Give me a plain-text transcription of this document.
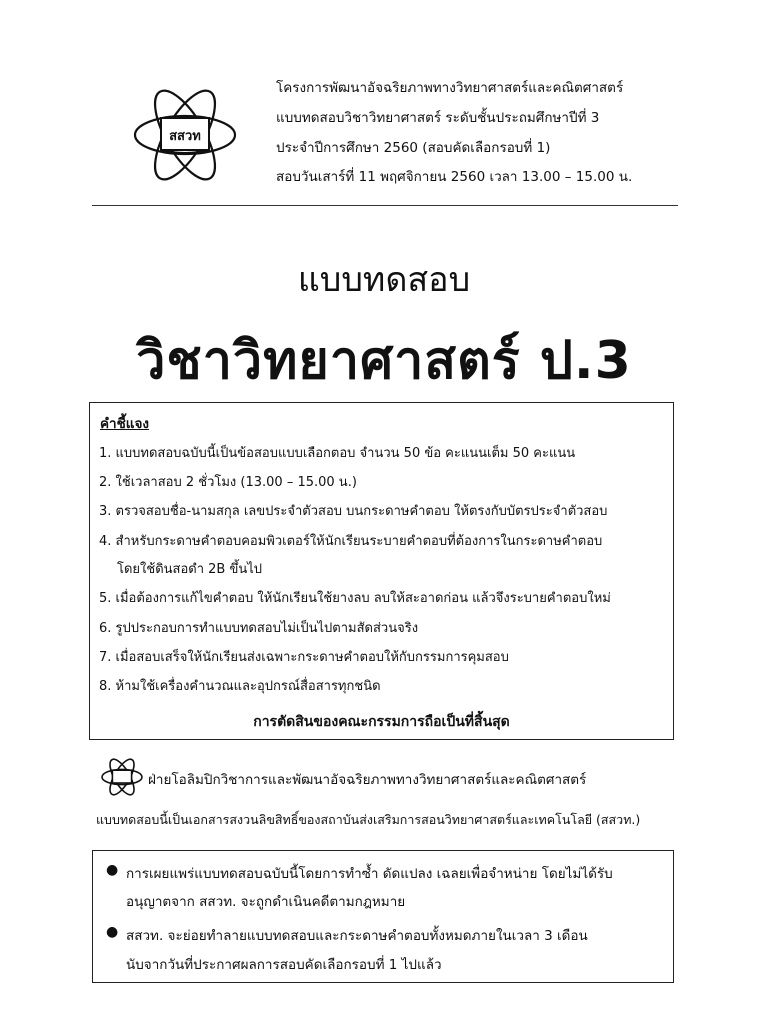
สสวท
โครงการพัฒนาอัจฉริยภาพทางวิทยาศาสตร์และคณิตศาสตร์
แบบทดสอบวิชาวิทยาศาสตร์ ระดับชั้นประถมศึกษาปีที่ 3
ประจำปีการศึกษา 2560 (สอบคัดเลือกรอบที่ 1)
สอบวันเสาร์ที่ 11 พฤศจิกายน 2560 เวลา 13.00 – 15.00 น.
แบบทดสอบ
วิชาวิทยาศาสตร์ ป.3
คำชี้แจง
1. แบบทดสอบฉบับนี้เป็นข้อสอบแบบเลือกตอบ จำนวน 50 ข้อ คะแนนเต็ม 50 คะแนน
2. ใช้เวลาสอบ 2 ชั่วโมง (13.00 – 15.00 น.)
3. ตรวจสอบชื่อ-นามสกุล เลขประจำตัวสอบ บนกระดาษคำตอบ ให้ตรงกับบัตรประจำตัวสอบ
4. สำหรับกระดาษคำตอบคอมพิวเตอร์ให้นักเรียนระบายคำตอบที่ต้องการในกระดาษคำตอบ
โดยใช้ดินสอดำ 2B ขึ้นไป
5. เมื่อต้องการแก้ไขคำตอบ ให้นักเรียนใช้ยางลบ ลบให้สะอาดก่อน แล้วจึงระบายคำตอบใหม่
6. รูปประกอบการทำแบบทดสอบไม่เป็นไปตามสัดส่วนจริง
7. เมื่อสอบเสร็จให้นักเรียนส่งเฉพาะกระดาษคำตอบให้กับกรรมการคุมสอบ
8. ห้ามใช้เครื่องคำนวณและอุปกรณ์สื่อสารทุกชนิด
การตัดสินของคณะกรรมการถือเป็นที่สิ้นสุด
ฝ่ายโอลิมปิกวิชาการและพัฒนาอัจฉริยภาพทางวิทยาศาสตร์และคณิตศาสตร์
แบบทดสอบนี้เป็นเอกสารสงวนลิขสิทธิ์ของสถาบันส่งเสริมการสอนวิทยาศาสตร์และเทคโนโลยี (สสวท.)
● การเผยแพร่แบบทดสอบฉบับนี้โดยการทำซ้ำ ดัดแปลง เฉลยเพื่อจำหน่าย โดยไม่ได้รับ
อนุญาตจาก สสวท. จะถูกดำเนินคดีตามกฎหมาย
● สสวท. จะย่อยทำลายแบบทดสอบและกระดาษคำตอบทั้งหมดภายในเวลา 3 เดือน
นับจากวันที่ประกาศผลการสอบคัดเลือกรอบที่ 1 ไปแล้ว
